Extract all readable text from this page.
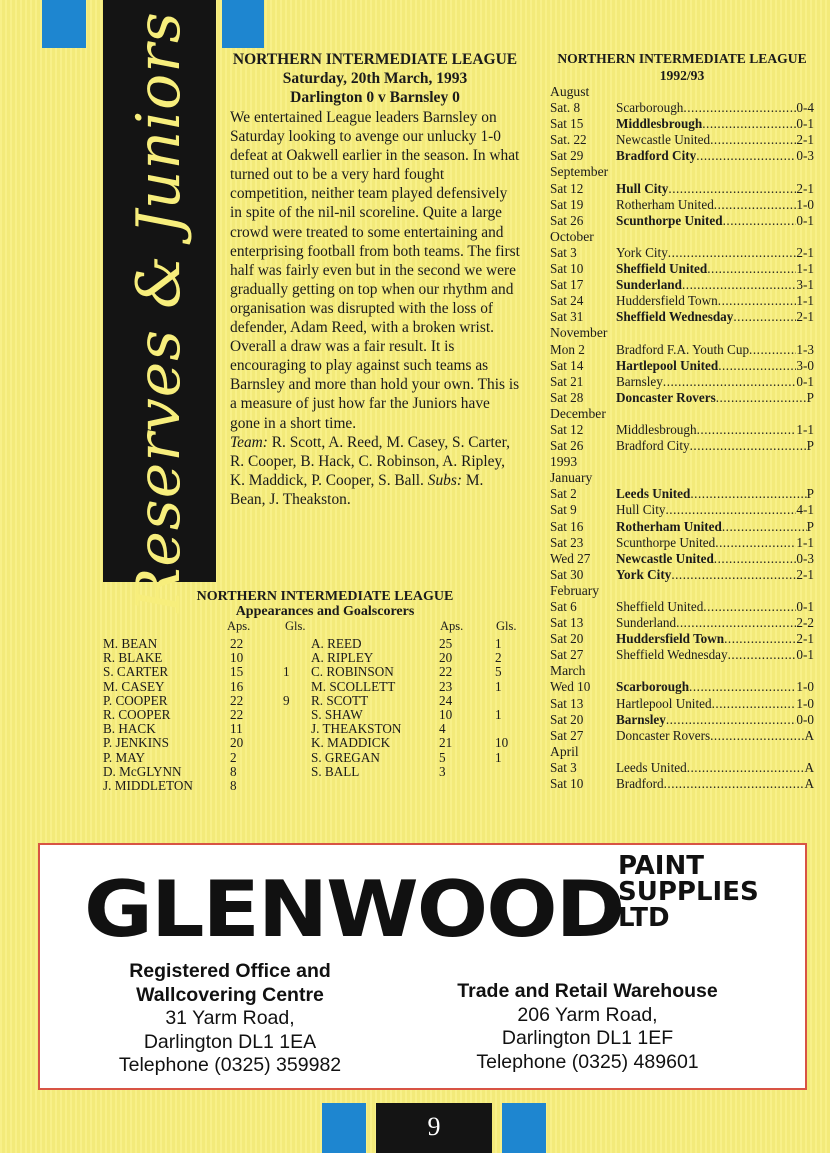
Reserves & Juniors	NORTHERN INTERMEDIATE LEAGUE
Saturday, 20th March, 1993
Darlington 0 v Barnsley 0
We entertained League leaders Barnsley on Saturday looking to avenge our unlucky 1-0 defeat at Oakwell earlier in the season. In what turned out to be a very hard fought competition, neither team played defensively in spite of the nil-nil scoreline. Quite a large crowd were treated to some entertaining and enterprising football from both teams. The first half was fairly even but in the second we were gradually getting on top when our rhythm and organisation was disrupted with the loss of defender, Adam Reed, with a broken wrist. Overall a draw was a fair result. It is encouraging to play against such teams as Barnsley and more than hold your own. This is a measure of just how far the Juniors have gone in a short time.
Team: R. Scott, A. Reed, M. Casey, S. Carter, R. Cooper, B. Hack, C. Robinson, A. Ripley, K. Maddick, P. Cooper, S. Ball. Subs: M. Bean, J. Theakston.
NORTHERN INTERMEDIATE LEAGUE
1992/93
August
Sat. 8	Scarborough .....	0-4
Sat 15	Middlesbrough .....	0-1
Sat. 22	Newcastle United .....	2-1
Sat 29	Bradford City .....	0-3
September
Sat 12	Hull City .....	2-1
Sat 19	Rotherham United .....	1-0
Sat 26	Scunthorpe United .....	0-1
October
Sat 3	York City .....	2-1
Sat 10	Sheffield United .....	1-1
Sat 17	Sunderland .....	3-1
Sat 24	Huddersfield Town .....	1-1
Sat 31	Sheffield Wednesday .....	2-1
November
Mon 2	Bradford F.A. Youth Cup .....	1-3
Sat 14	Hartlepool United .....	3-0
Sat 21	Barnsley .....	0-1
Sat 28	Doncaster Rovers .....	P
December
Sat 12	Middlesbrough .....	1-1
Sat 26	Bradford City .....	P
1993
January
Sat 2	Leeds United .....	P
Sat 9	Hull City .....	4-1
Sat 16	Rotherham United .....	P
Sat 23	Scunthorpe United .....	1-1
Wed 27	Newcastle United .....	0-3
Sat 30	York City .....	2-1
February
Sat 6	Sheffield United .....	0-1
Sat 13	Sunderland .....	2-2
Sat 20	Huddersfield Town .....	2-1
Sat 27	Sheffield Wednesday .....	0-1
March
Wed 10	Scarborough .....	1-0
Sat 13	Hartlepool United .....	1-0
Sat 20	Barnsley .....	0-0
Sat 27	Doncaster Rovers .....	A
April
Sat 3	Leeds United .....	A
Sat 10	Bradford .....	A
NORTHERN INTERMEDIATE LEAGUE
Appearances and Goalscorers
Aps.	Gls.	Aps.	Gls.
M. BEAN	22
R. BLAKE	10
S. CARTER	15	1
M. CASEY	16
P. COOPER	22	9
R. COOPER	22
B. HACK	11
P. JENKINS	20
P. MAY	2
D. McGLYNN	8
J. MIDDLETON	8
A. REED	25	1
A. RIPLEY	20	2
C. ROBINSON	22	5
M. SCOLLETT	23	1
R. SCOTT	24
S. SHAW	10	1
J. THEAKSTON	4
K. MADDICK	21	10
S. GREGAN	5	1
S. BALL	3
GLENWOOD
PAINT
SUPPLIES
LTD
Registered Office and
Wallcovering Centre
31 Yarm Road,
Darlington DL1 1EA
Telephone (0325) 359982
Trade and Retail Warehouse
206 Yarm Road,
Darlington DL1 1EF
Telephone (0325) 489601
9
